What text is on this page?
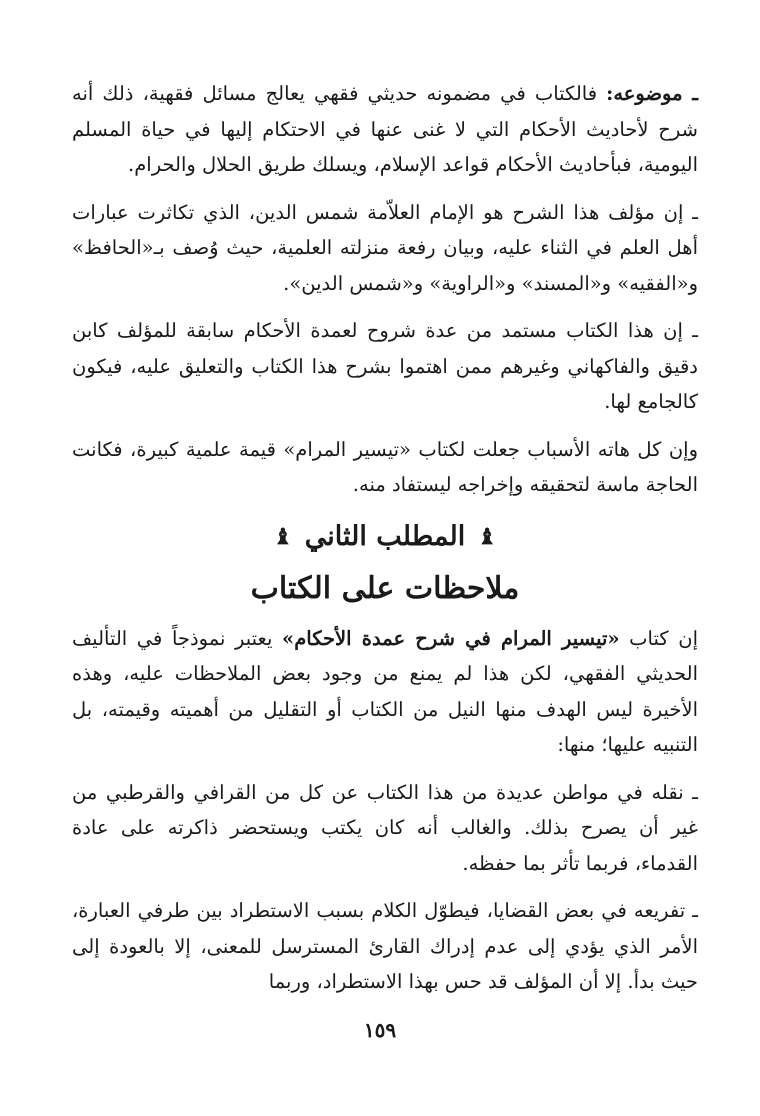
ـ موضوعه: فالكتاب في مضمونه حديثي فقهي يعالج مسائل فقهية، ذلك أنه شرح لأحاديث الأحكام التي لا غنى عنها في الاحتكام إليها في حياة المسلم اليومية، فبأحاديث الأحكام قواعد الإسلام، ويسلك طريق الحلال والحرام.

ـ إن مؤلف هذا الشرح هو الإمام العلاّمة شمس الدين، الذي تكاثرت عبارات أهل العلم في الثناء عليه، وبيان رفعة منزلته العلمية، حيث وُصف بـ«الحافظ» و«الفقيه» و«المسند» و«الراوية» و«شمس الدين».

ـ إن هذا الكتاب مستمد من عدة شروح لعمدة الأحكام سابقة للمؤلف كابن دقيق والفاكهاني وغيرهم ممن اهتموا بشرح هذا الكتاب والتعليق عليه، فيكون كالجامع لها.

وإن كل هاته الأسباب جعلت لكتاب «تيسير المرام» قيمة علمية كبيرة، فكانت الحاجة ماسة لتحقيقه وإخراجه ليستفاد منه.

♝
المطلب الثاني
♝
ملاحظات على الكتاب

إن كتاب «تيسير المرام في شرح عمدة الأحكام» يعتبر نموذجاً في التأليف الحديثي الفقهي، لكن هذا لم يمنع من وجود بعض الملاحظات عليه، وهذه الأخيرة ليس الهدف منها النيل من الكتاب أو التقليل من أهميته وقيمته، بل التنبيه عليها؛ منها:

ـ نقله في مواطن عديدة من هذا الكتاب عن كل من القرافي والقرطبي من غير أن يصرح بذلك. والغالب أنه كان يكتب ويستحضر ذاكرته على عادة القدماء، فربما تأثر بما حفظه.

ـ تفريعه في بعض القضايا، فيطوّل الكلام بسبب الاستطراد بين طرفي العبارة، الأمر الذي يؤدي إلى عدم إدراك القارئ المسترسل للمعنى، إلا بالعودة إلى حيث بدأ. إلا أن المؤلف قد حس بهذا الاستطراد، وربما

١٥٩
